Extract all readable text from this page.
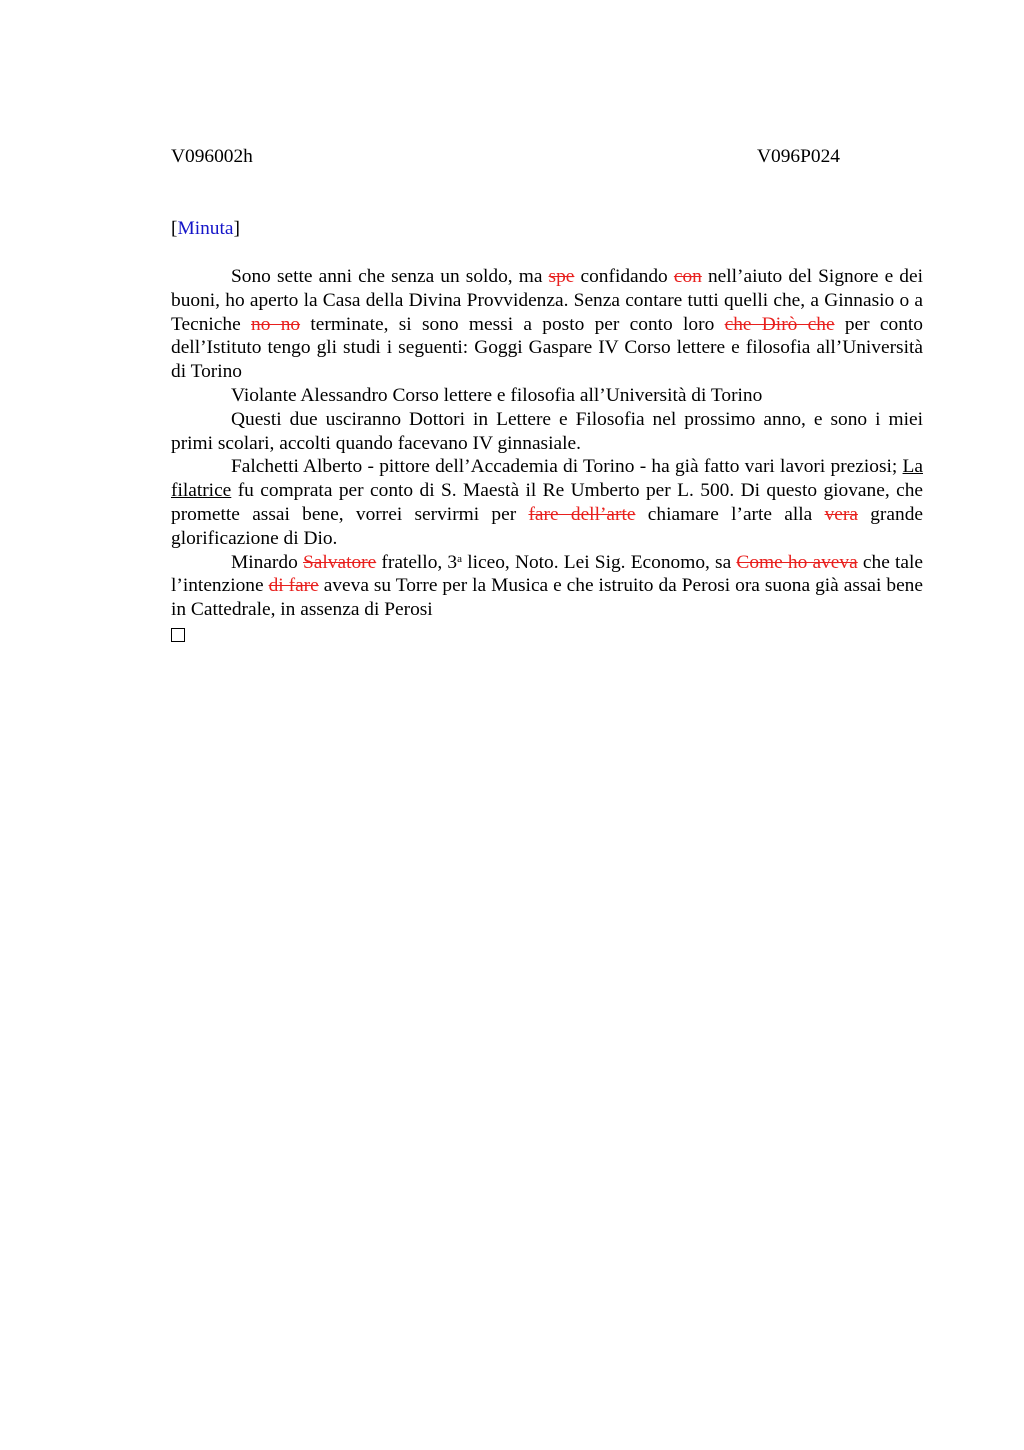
V096002h	V096P024
[Minuta]

Sono sette anni che senza un soldo, ma spe confidando con nell’aiuto del Signore e dei buoni, ho aperto la Casa della Divina Provvidenza. Senza contare tutti quelli che, a Ginnasio o a Tecniche no no terminate, si sono messi a posto per conto loro che Dirò che per conto dell’Istituto tengo gli studi i seguenti: Goggi Gaspare IV Corso lettere e filosofia all’Università di Torino

Violante Alessandro Corso lettere e filosofia all’Università di Torino

Questi due usciranno Dottori in Lettere e Filosofia nel prossimo anno, e sono i miei primi scolari, accolti quando facevano IV ginnasiale.

Falchetti Alberto - pittore dell’Accademia di Torino - ha già fatto vari lavori preziosi; La filatrice fu comprata per conto di S. Maestà il Re Umberto per L. 500. Di questo giovane, che promette assai bene, vorrei servirmi per fare dell’arte chiamare l’arte alla vera grande glorificazione di Dio.

Minardo Salvatore fratello, 3$^a$ liceo, Noto. Lei Sig. Economo, sa Come ho aveva che tale l’intenzione di fare aveva su Torre per la Musica e che istruito da Perosi ora suona già assai bene in Cattedrale, in assenza di Perosi
